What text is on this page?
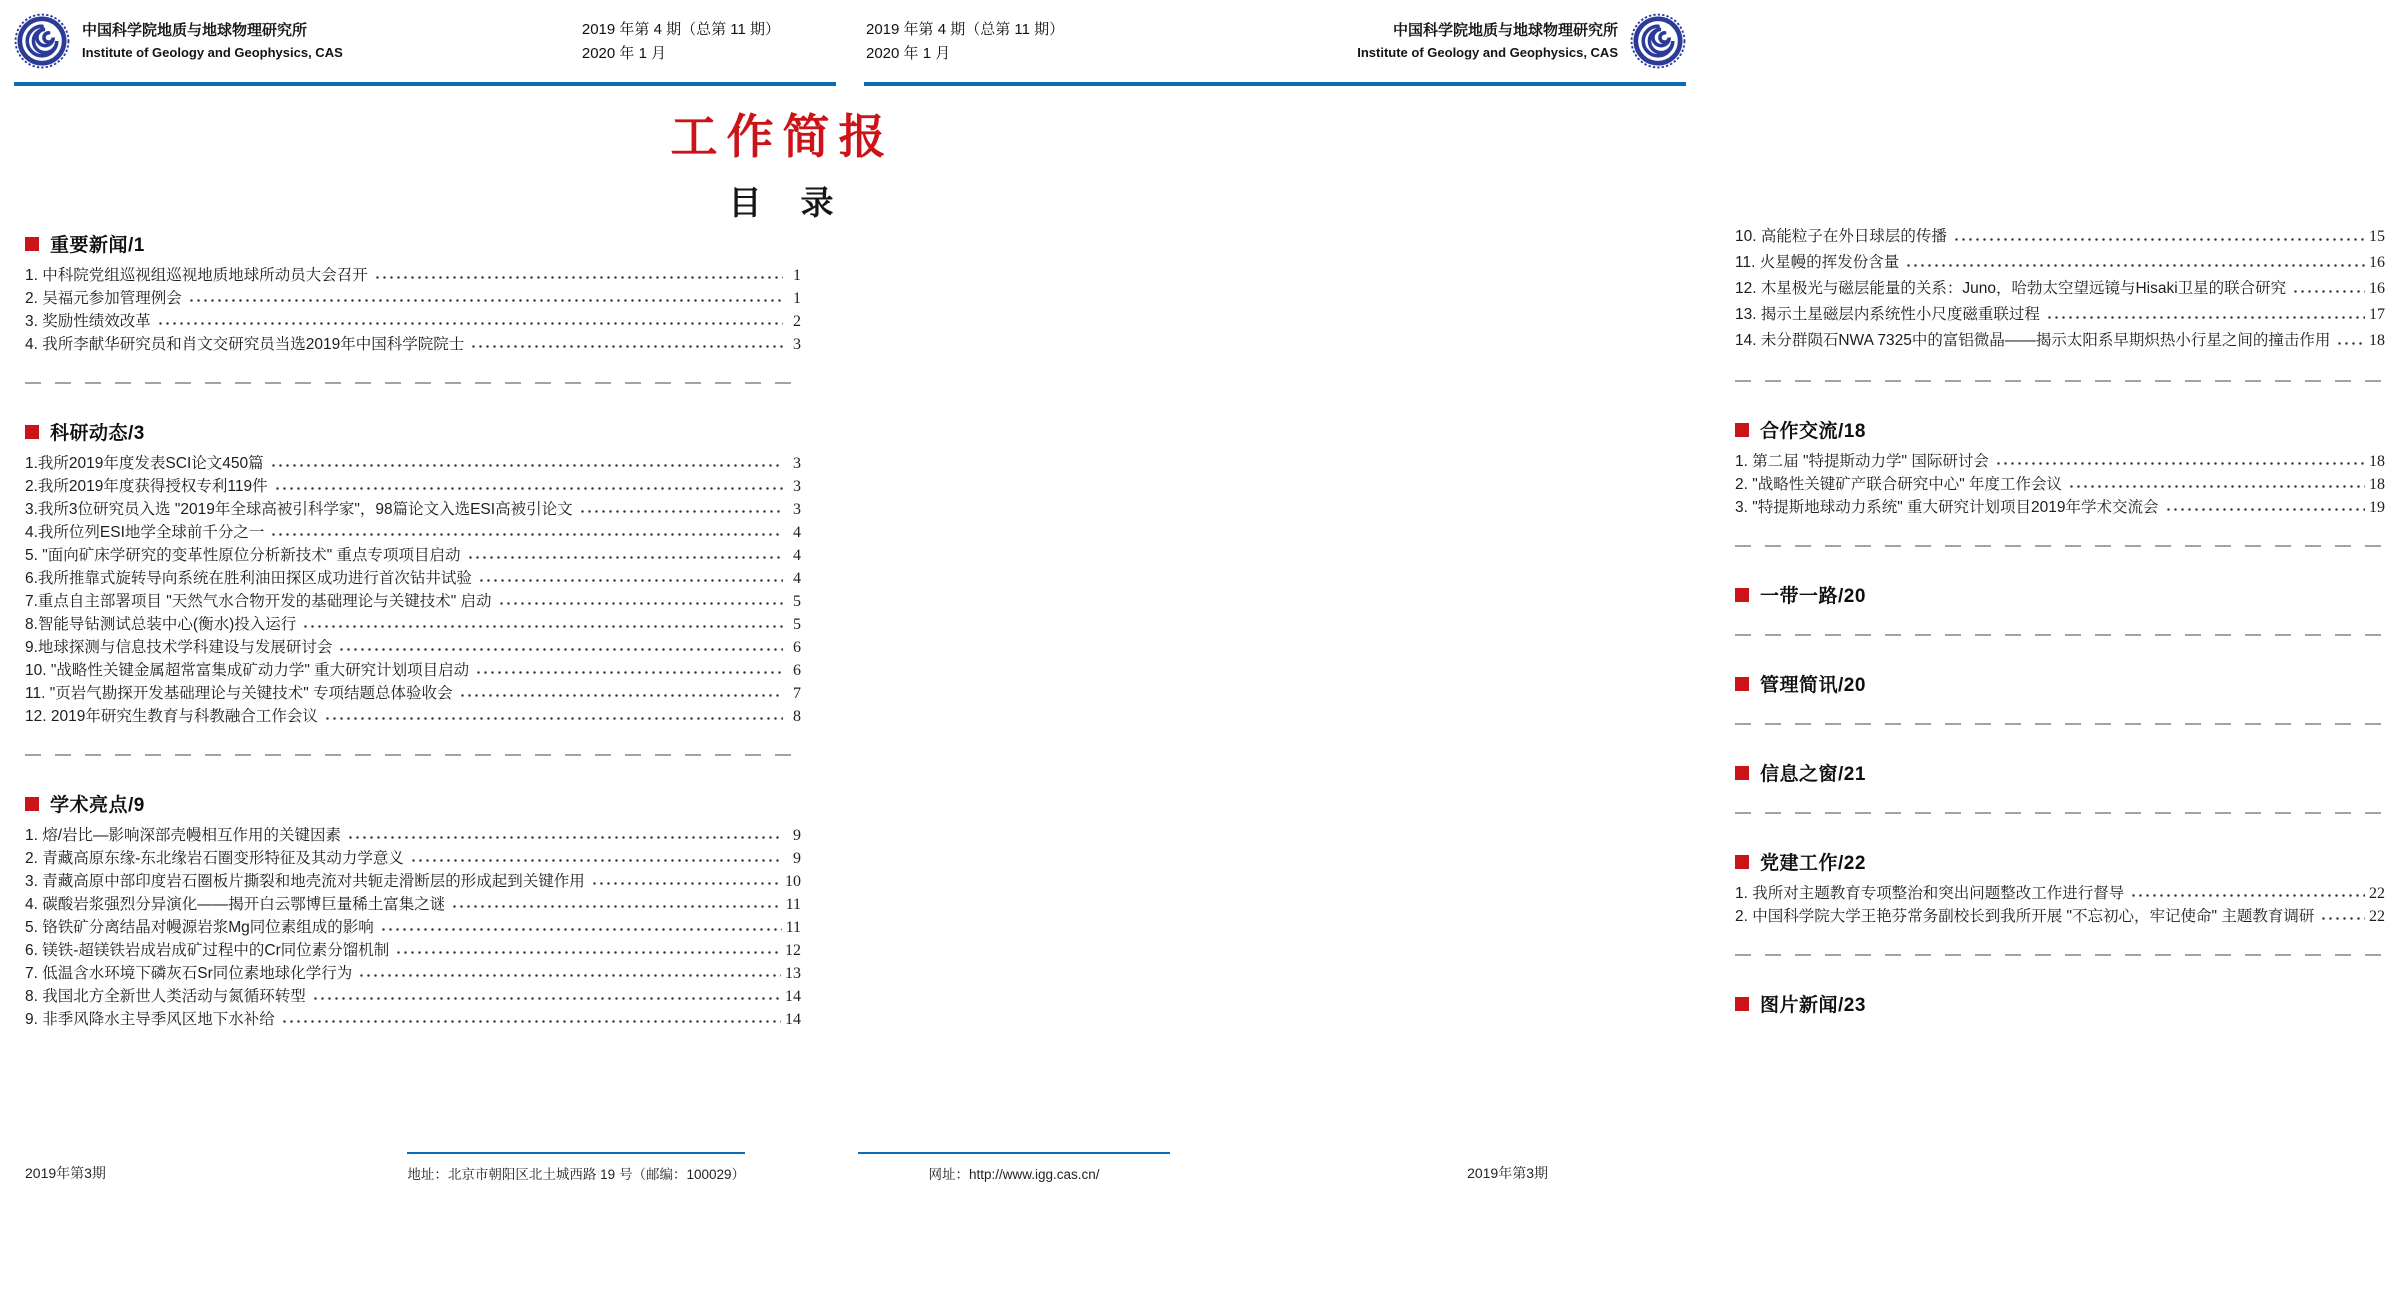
中国科学院地质与地球物理研究所
Institute of Geology and Geophysics, CAS
2019 年第 4 期（总第 11 期）
2020 年 1 月
重要新闻/1
1. 中科院党组巡视组巡视地质地球所动员大会召开	1
2. 吴福元参加管理例会	1
3. 奖励性绩效改革	2
4. 我所李献华研究员和肖文交研究员当选2019年中国科学院院士	3
科研动态/3
1.我所2019年度发表SCI论文450篇	3
2.我所2019年度获得授权专利119件	3
3.我所3位研究员入选 "2019年全球高被引科学家"，98篇论文入选ESI高被引论文	3
4.我所位列ESI地学全球前千分之一	4
5. "面向矿床学研究的变革性原位分析新技术" 重点专项项目启动	4
6.我所推靠式旋转导向系统在胜利油田探区成功进行首次钻井试验	4
7.重点自主部署项目 "天然气水合物开发的基础理论与关键技术" 启动	5
8.智能导钻测试总装中心(衡水)投入运行	5
9.地球探测与信息技术学科建设与发展研讨会	6
10. "战略性关键金属超常富集成矿动力学" 重大研究计划项目启动	6
11. "页岩气勘探开发基础理论与关键技术" 专项结题总体验收会	7
12. 2019年研究生教育与科教融合工作会议	8
学术亮点/9
1. 熔/岩比—影响深部壳幔相互作用的关键因素	9
2. 青藏高原东缘-东北缘岩石圈变形特征及其动力学意义	9
3. 青藏高原中部印度岩石圈板片撕裂和地壳流对共轭走滑断层的形成起到关键作用	10
4. 碳酸岩浆强烈分异演化——揭开白云鄂博巨量稀土富集之谜	11
5. 铬铁矿分离结晶对幔源岩浆Mg同位素组成的影响	11
6. 镁铁-超镁铁岩成岩成矿过程中的Cr同位素分馏机制	12
7. 低温含水环境下磷灰石Sr同位素地球化学行为	13
8. 我国北方全新世人类活动与氮循环转型	14
9. 非季风降水主导季风区地下水补给	14
2019年第3期	地址：北京市朝阳区北土城西路 19 号（邮编：100029）
2019 年第 4 期（总第 11 期）
2020 年 1 月
中国科学院地质与地球物理研究所
Institute of Geology and Geophysics, CAS
10. 高能粒子在外日球层的传播	15
11. 火星幔的挥发份含量	16
12. 木星极光与磁层能量的关系：Juno，哈勃太空望远镜与Hisaki卫星的联合研究	16
13. 揭示土星磁层内系统性小尺度磁重联过程	17
14. 未分群陨石NWA 7325中的富铝微晶——揭示太阳系早期炽热小行星之间的撞击作用 18
合作交流/18
1. 第二届 "特提斯动力学" 国际研讨会	18
2. "战略性关键矿产联合研究中心" 年度工作会议	18
3. "特提斯地球动力系统" 重大研究计划项目2019年学术交流会	19
一带一路/20
管理简讯/20
信息之窗/21
党建工作/22
1. 我所对主题教育专项整治和突出问题整改工作进行督导	22
2. 中国科学院大学王艳芬常务副校长到我所开展 "不忘初心，牢记使命" 主题教育调研	22
图片新闻/23
网址：http://www.igg.cas.cn/	2019年第3期
工作简报
目　录
